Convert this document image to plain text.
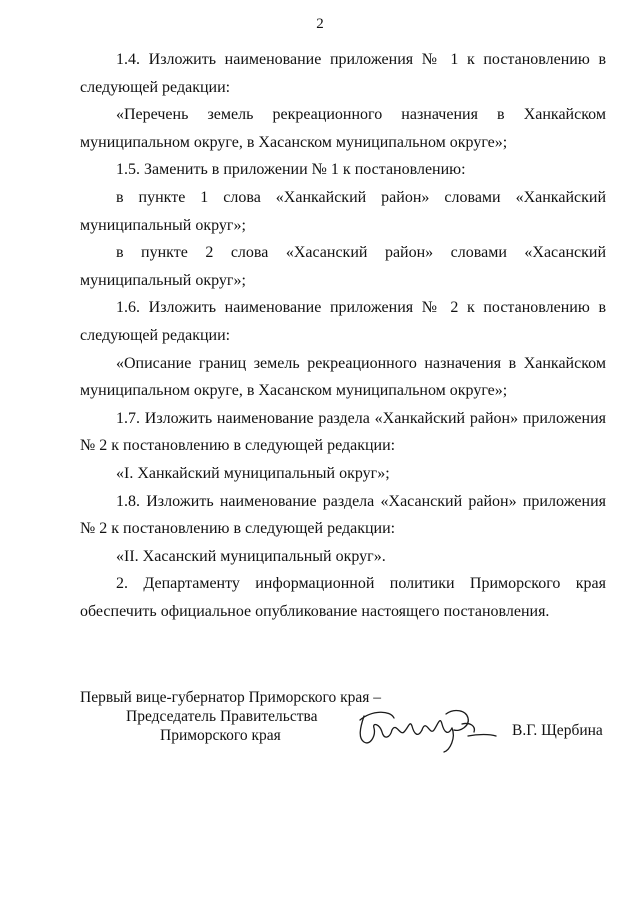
2

1.4. Изложить наименование приложения № 1 к постановлению в следующей редакции:

«Перечень земель рекреационного назначения в Ханкайском муниципальном округе, в Хасанском муниципальном округе»;

1.5. Заменить в приложении № 1 к постановлению:

в пункте 1 слова «Ханкайский район» словами «Ханкайский муниципальный округ»;

в пункте 2 слова «Хасанский район» словами «Хасанский муниципальный округ»;

1.6. Изложить наименование приложения № 2 к постановлению в следующей редакции:

«Описание границ земель рекреационного назначения в Ханкайском муниципальном округе, в Хасанском муниципальном округе»;

1.7. Изложить наименование раздела «Ханкайский район» приложения № 2 к постановлению в следующей редакции:

«I. Ханкайский муниципальный округ»;

1.8. Изложить наименование раздела «Хасанский район» приложения № 2 к постановлению в следующей редакции:

«II. Хасанский муниципальный округ».

2. Департаменту информационной политики Приморского края обеспечить официальное опубликование настоящего постановления.

Первый вице-губернатор Приморского края –
Председатель Правительства
Приморского края	В.Г. Щербина
